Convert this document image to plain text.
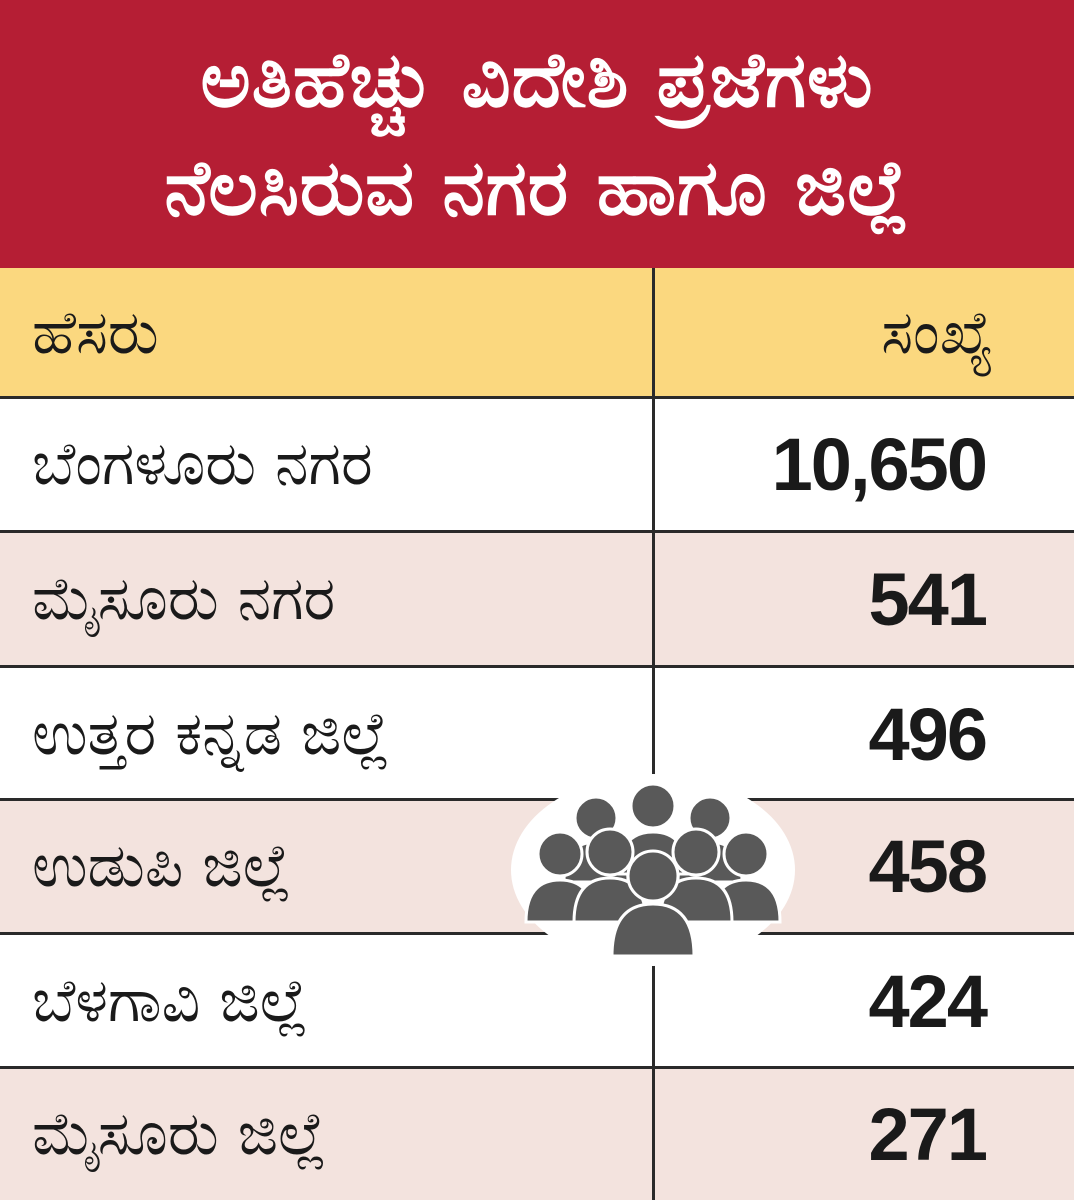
ಅತಿಹೆಚ್ಚು ವಿದೇಶಿ ಪ್ರಜೆಗಳು
ನೆಲಸಿರುವ ನಗರ ಹಾಗೂ ಜಿಲ್ಲೆ
ಹೆಸರು	ಸಂಖ್ಯೆ
ಬೆಂಗಳೂರು ನಗರ	10,650
ಮೈಸೂರು ನಗರ	541
ಉತ್ತರ ಕನ್ನಡ ಜಿಲ್ಲೆ	496
ಉಡುಪಿ ಜಿಲ್ಲೆ	458
ಬೆಳಗಾವಿ ಜಿಲ್ಲೆ	424
ಮೈಸೂರು ಜಿಲ್ಲೆ	271
